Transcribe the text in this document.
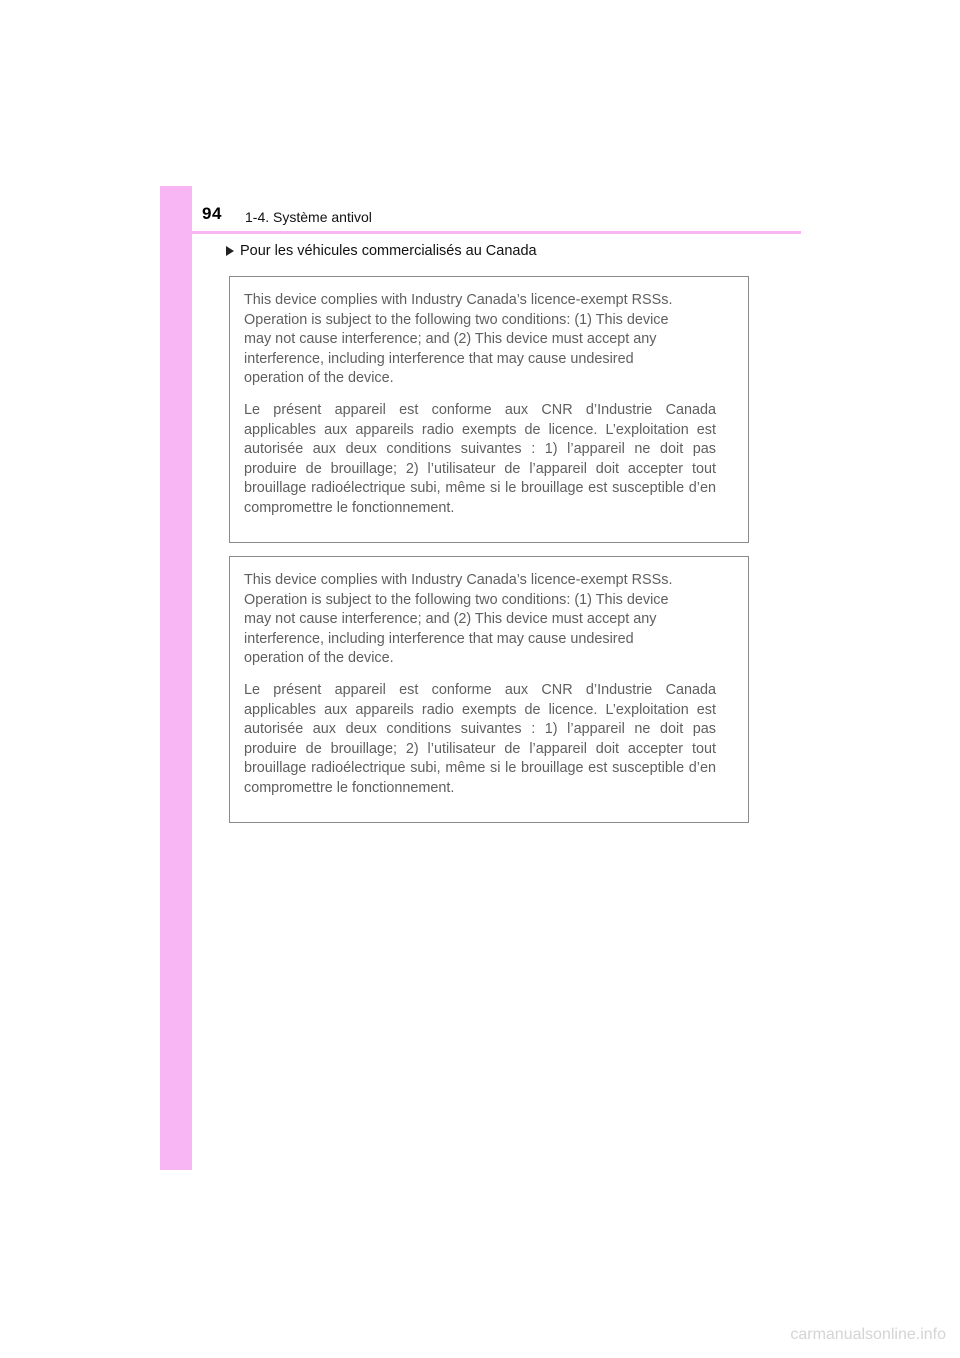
94 1-4. Système antivol
Pour les véhicules commercialisés au Canada

This device complies with Industry Canada’s licence-exempt RSSs.
Operation is subject to the following two conditions: (1) This device
may not cause interference; and (2) This device must accept any
interference, including interference that may cause undesired
operation of the device.

Le présent appareil est conforme aux CNR d’Industrie Canada applicables aux appareils radio exempts de licence. L’exploitation est autorisée aux deux conditions suivantes : 1) l’appareil ne doit pas produire de brouillage; 2) l’utilisateur de l’appareil doit accepter tout brouillage radioélectrique subi, même si le brouillage est susceptible d’en compromettre le fonctionnement.

This device complies with Industry Canada’s licence-exempt RSSs.
Operation is subject to the following two conditions: (1) This device
may not cause interference; and (2) This device must accept any
interference, including interference that may cause undesired
operation of the device.

Le présent appareil est conforme aux CNR d’Industrie Canada applicables aux appareils radio exempts de licence. L’exploitation est autorisée aux deux conditions suivantes : 1) l’appareil ne doit pas produire de brouillage; 2) l’utilisateur de l’appareil doit accepter tout brouillage radioélectrique subi, même si le brouillage est susceptible d’en compromettre le fonctionnement.

carmanualsonline.info
